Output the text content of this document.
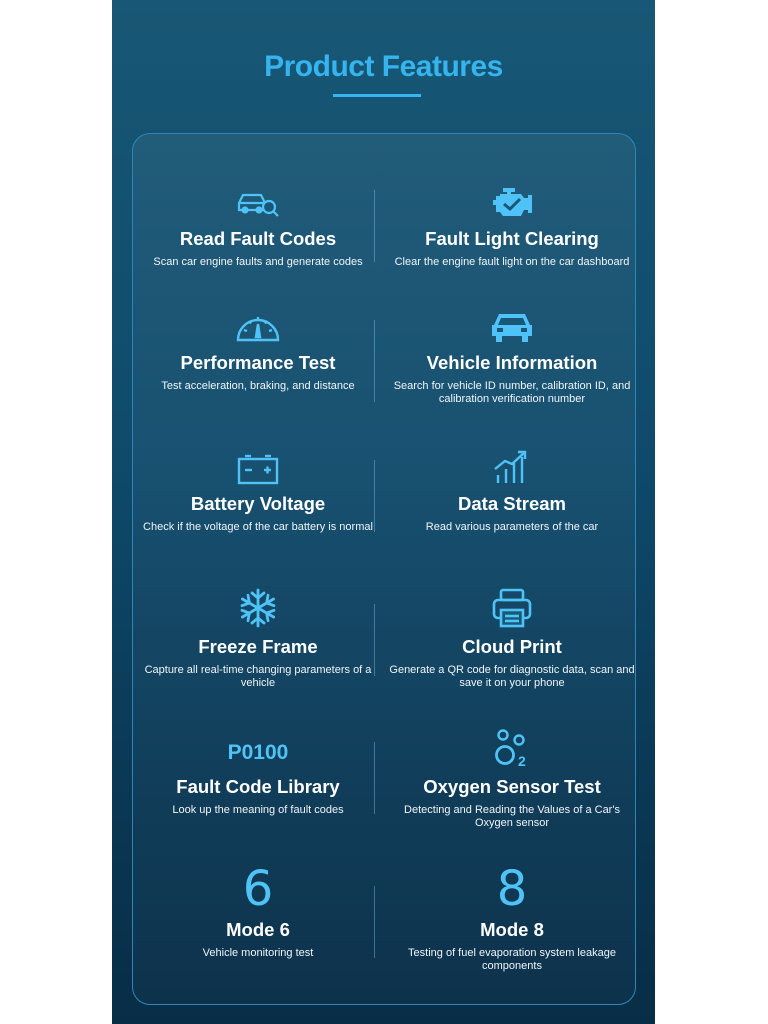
Product Features
Read Fault Codes

Scan car engine faults and generate codes

Fault Light Clearing

Clear the engine fault light on the car dashboard

Performance Test

Test acceleration, braking, and distance

Vehicle Information

Search for vehicle ID number, calibration ID, and calibration verification number

Battery Voltage

Check if the voltage of the car battery is normal

Data Stream

Read various parameters of the car

Freeze Frame

Capture all real-time changing parameters of a vehicle

Cloud Print

Generate a QR code for diagnostic data, scan and save it on your phone

P0100
Fault Code Library

Look up the meaning of fault codes

2
Oxygen Sensor Test

Detecting and Reading the Values of a Car's Oxygen sensor

6
Mode 6

Vehicle monitoring test

8
Mode 8

Testing of fuel evaporation system leakage components
